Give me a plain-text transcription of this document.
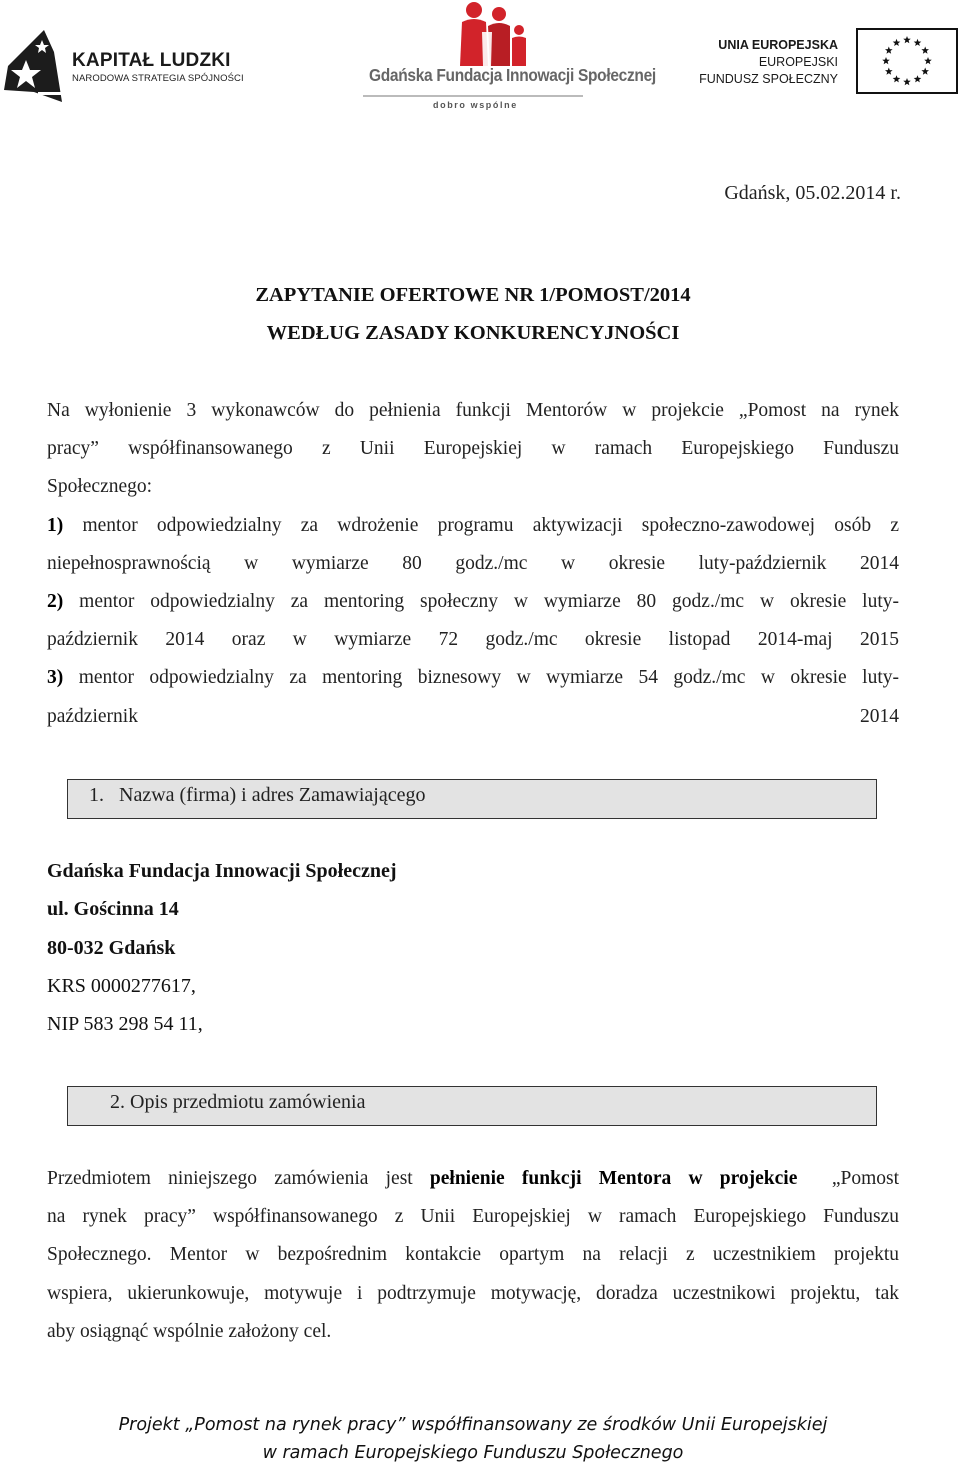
KAPITAŁ LUDZKI
NARODOWA STRATEGIA SPÓJNOŚCI	Gdańska Fundacja Innowacji Społecznej
dobro wspólne
UNIA EUROPEJSKA
EUROPEJSKI
FUNDUSZ SPOŁECZNY
Gdańsk, 05.02.2014 r.
ZAPYTANIE OFERTOWE NR 1/POMOST/2014
WEDŁUG ZASADY KONKURENCYJNOŚCI
Na wyłonienie 3 wykonawców do pełnienia funkcji Mentorów w projekcie „Pomost na rynek
pracy” współfinansowanego z Unii Europejskiej w ramach Europejskiego Funduszu
Społecznego:
1) mentor odpowiedzialny za wdrożenie programu aktywizacji społeczno-zawodowej osób z
niepełnosprawnością w wymiarze 80 godz./mc w okresie luty-październik 2014
2) mentor odpowiedzialny za mentoring społeczny w wymiarze 80 godz./mc w okresie luty-
październik 2014 oraz w wymiarze 72 godz./mc okresie listopad 2014-maj 2015
3) mentor odpowiedzialny za mentoring biznesowy w wymiarze 54 godz./mc w okresie luty-
październik 2014
1.   Nazwa (firma) i adres Zamawiającego
Gdańska Fundacja Innowacji Społecznej
ul. Gościnna 14
80-032 Gdańsk
KRS 0000277617,
NIP 583 298 54 11,
2. Opis przedmiotu zamówienia
Przedmiotem niniejszego zamówienia jest pełnienie funkcji Mentora w projekcie  „Pomost
na rynek pracy” współfinansowanego z Unii Europejskiej w ramach Europejskiego Funduszu
Społecznego. Mentor w bezpośrednim kontakcie opartym na relacji z uczestnikiem projektu
wspiera, ukierunkowuje, motywuje i podtrzymuje motywację, doradza uczestnikowi projektu, tak
aby osiągnąć wspólnie założony cel.
Projekt „Pomost na rynek pracy” współfinansowany ze środków Unii Europejskiej
w ramach Europejskiego Funduszu Społecznego
